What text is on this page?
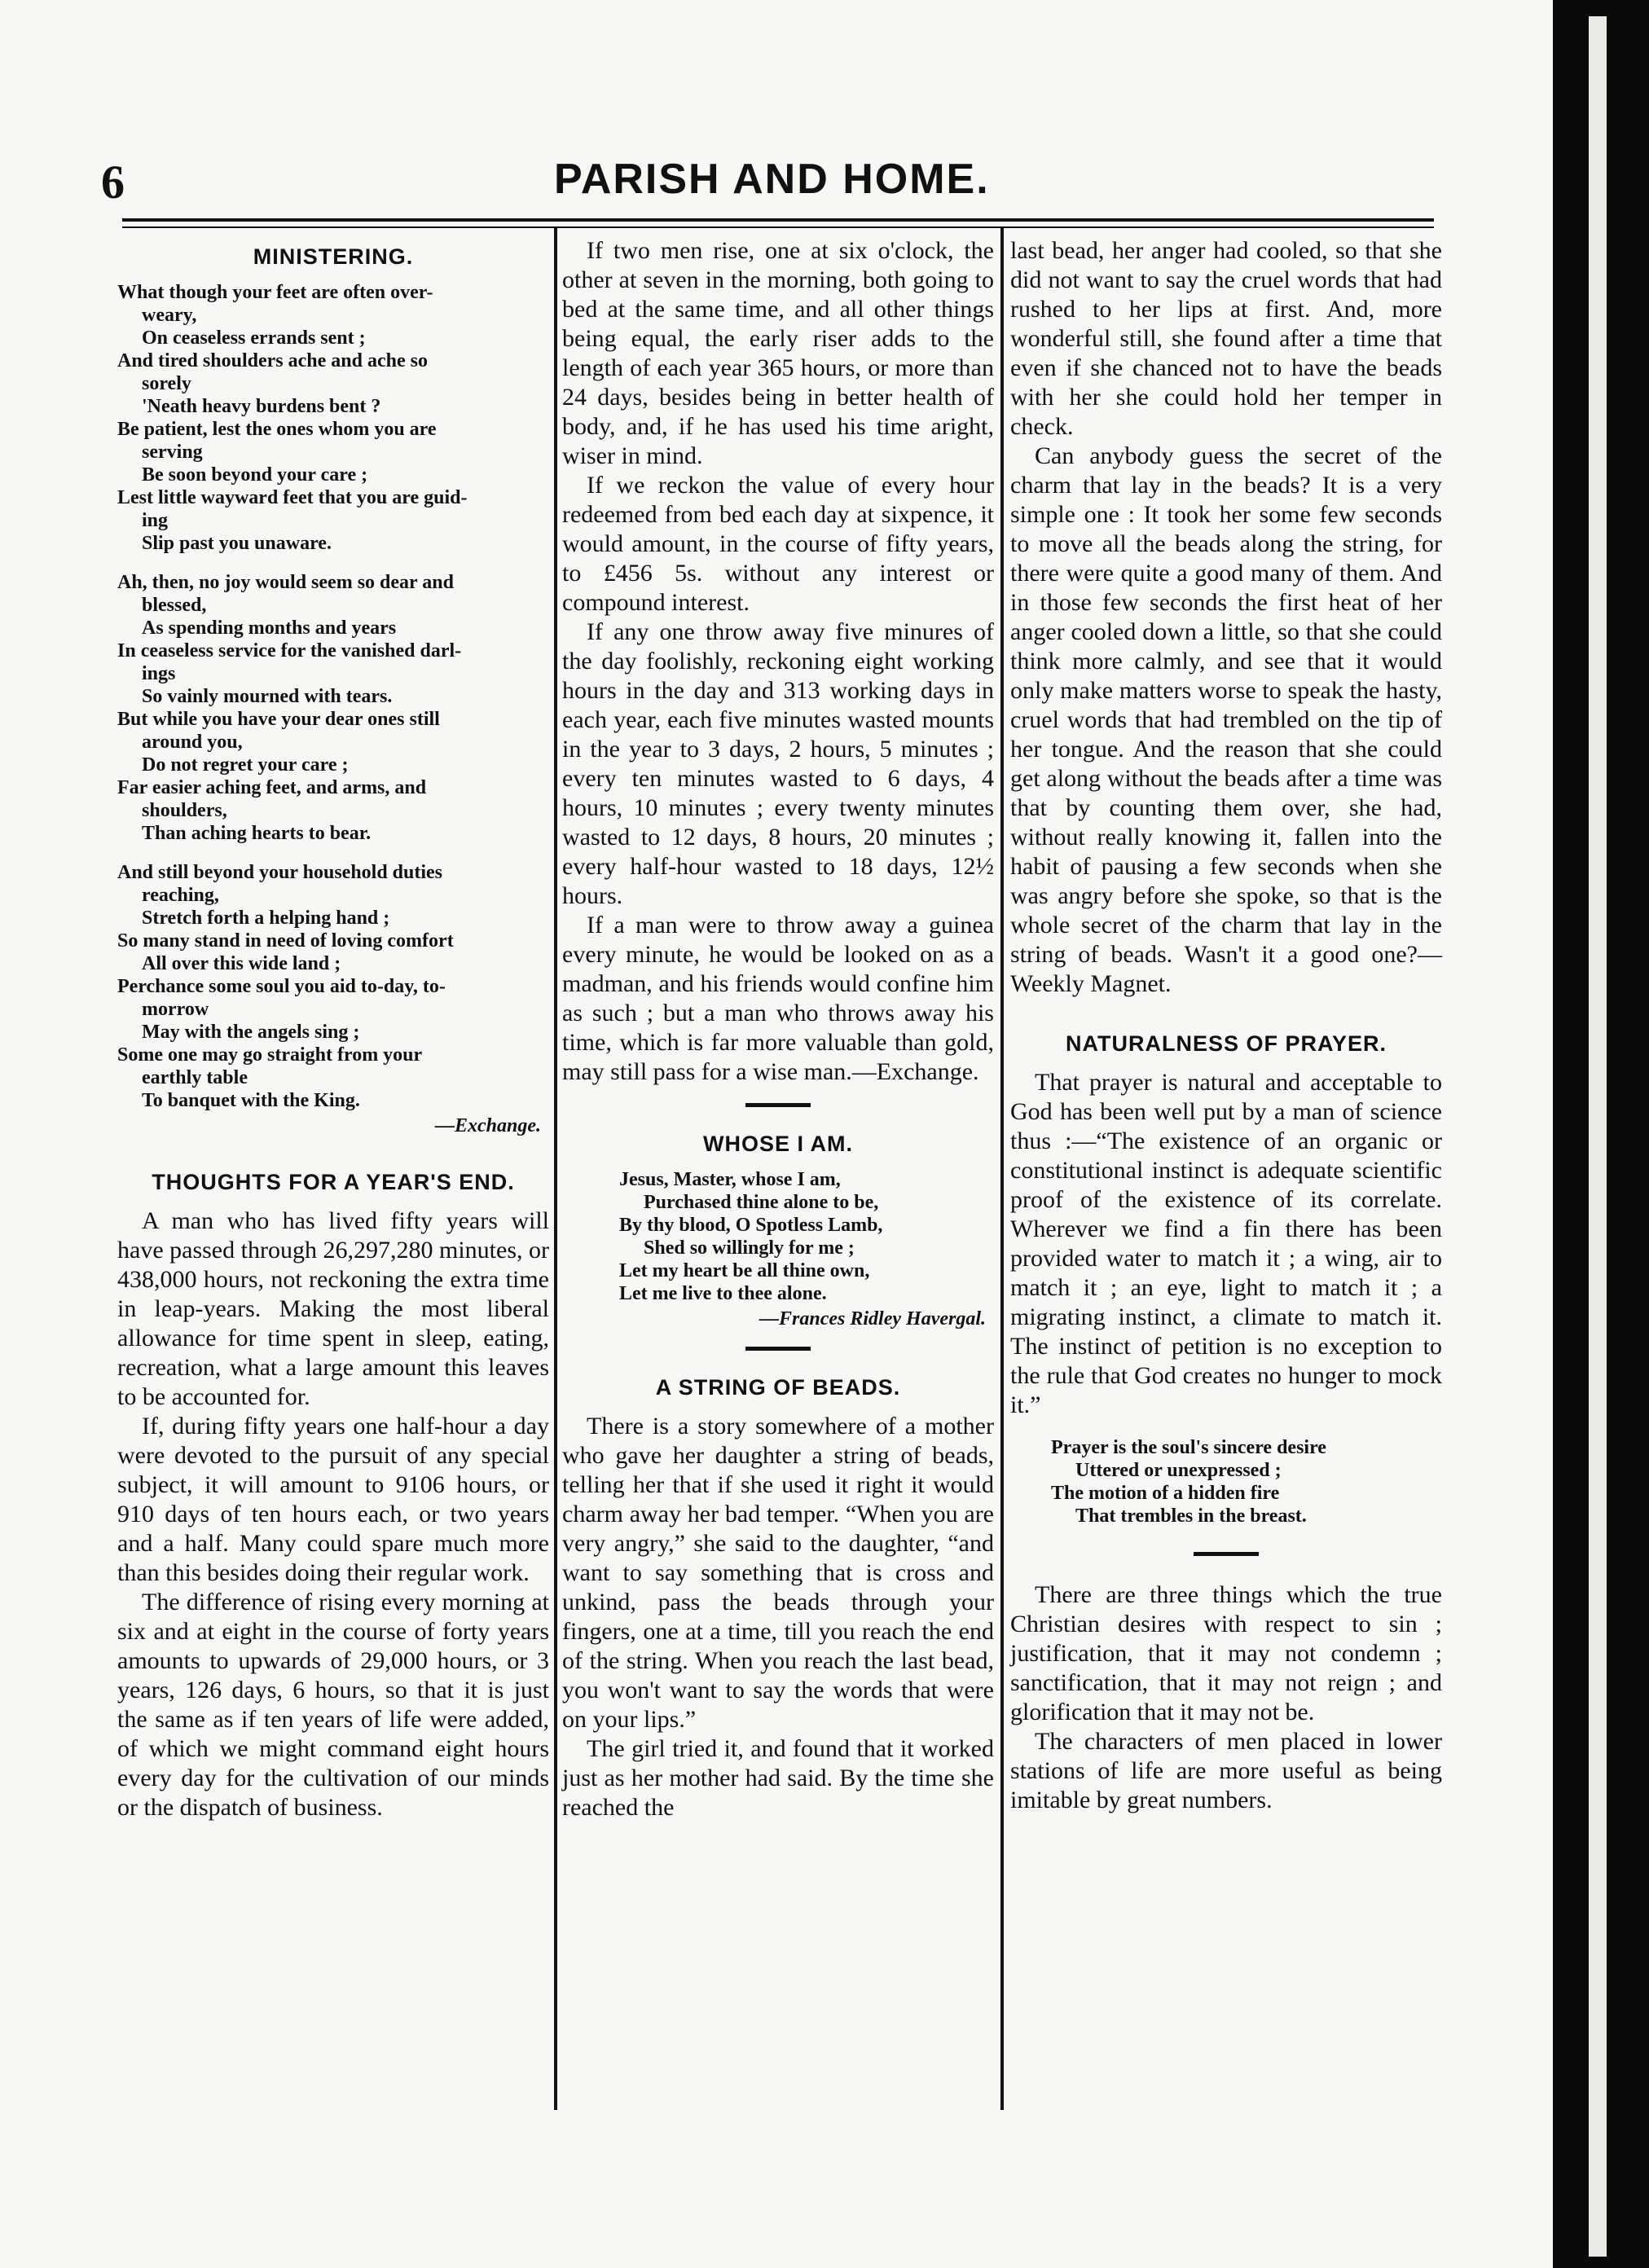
6	PARISH AND HOME.
MINISTERING.
What though your feet are often over-
weary,
On ceaseless errands sent ;
And tired shoulders ache and ache so
sorely
'Neath heavy burdens bent ?
Be patient, lest the ones whom you are
serving
Be soon beyond your care ;
Lest little wayward feet that you are guid-
ing
Slip past you unaware.
Ah, then, no joy would seem so dear and
blessed,
As spending months and years
In ceaseless service for the vanished darl-
ings
So vainly mourned with tears.
But while you have your dear ones still
around you,
Do not regret your care ;
Far easier aching feet, and arms, and
shoulders,
Than aching hearts to bear.
And still beyond your household duties
reaching,
Stretch forth a helping hand ;
So many stand in need of loving comfort
All over this wide land ;
Perchance some soul you aid to-day, to-
morrow
May with the angels sing ;
Some one may go straight from your
earthly table
To banquet with the King.
—Exchange.
THOUGHTS FOR A YEAR'S END.

A man who has lived fifty years will have passed through 26,297,280 minutes, or 438,000 hours, not reckoning the extra time in leap-years. Making the most liberal allowance for time spent in sleep, eating, recreation, what a large amount this leaves to be accounted for.

If, during fifty years one half-hour a day were devoted to the pursuit of any special subject, it will amount to 9106 hours, or 910 days of ten hours each, or two years and a half. Many could spare much more than this besides doing their regular work.

The difference of rising every morning at six and at eight in the course of forty years amounts to upwards of 29,000 hours, or 3 years, 126 days, 6 hours, so that it is just the same as if ten years of life were added, of which we might command eight hours every day for the cultivation of our minds or the dispatch of business.

If two men rise, one at six o'clock, the other at seven in the morning, both going to bed at the same time, and all other things being equal, the early riser adds to the length of each year 365 hours, or more than 24 days, besides being in better health of body, and, if he has used his time aright, wiser in mind.

If we reckon the value of every hour redeemed from bed each day at sixpence, it would amount, in the course of fifty years, to £456 5s. without any interest or compound interest.

If any one throw away five minures of the day foolishly, reckoning eight working hours in the day and 313 working days in each year, each five minutes wasted mounts in the year to 3 days, 2 hours, 5 minutes ; every ten minutes wasted to 6 days, 4 hours, 10 minutes ; every twenty minutes wasted to 12 days, 8 hours, 20 minutes ; every half-hour wasted to 18 days, 12½ hours.

If a man were to throw away a guinea every minute, he would be looked on as a madman, and his friends would confine him as such ; but a man who throws away his time, which is far more valuable than gold, may still pass for a wise man.—Exchange.

WHOSE I AM.
Jesus, Master, whose I am,
Purchased thine alone to be,
By thy blood, O Spotless Lamb,
Shed so willingly for me ;
Let my heart be all thine own,
Let me live to thee alone.
—Frances Ridley Havergal.
A STRING OF BEADS.

There is a story somewhere of a mother who gave her daughter a string of beads, telling her that if she used it right it would charm away her bad temper. “When you are very angry,” she said to the daughter, “and want to say something that is cross and unkind, pass the beads through your fingers, one at a time, till you reach the end of the string. When you reach the last bead, you won't want to say the words that were on your lips.”

The girl tried it, and found that it worked just as her mother had said. By the time she reached the

last bead, her anger had cooled, so that she did not want to say the cruel words that had rushed to her lips at first. And, more wonderful still, she found after a time that even if she chanced not to have the beads with her she could hold her temper in check.

Can anybody guess the secret of the charm that lay in the beads? It is a very simple one : It took her some few seconds to move all the beads along the string, for there were quite a good many of them. And in those few seconds the first heat of her anger cooled down a little, so that she could think more calmly, and see that it would only make matters worse to speak the hasty, cruel words that had trembled on the tip of her tongue. And the reason that she could get along without the beads after a time was that by counting them over, she had, without really knowing it, fallen into the habit of pausing a few seconds when she was angry before she spoke, so that is the whole secret of the charm that lay in the string of beads. Wasn't it a good one?— Weekly Magnet.

NATURALNESS OF PRAYER.

That prayer is natural and acceptable to God has been well put by a man of science thus :—“The existence of an organic or constitutional instinct is adequate scientific proof of the existence of its correlate. Wherever we find a fin there has been provided water to match it ; a wing, air to match it ; an eye, light to match it ; a migrating instinct, a climate to match it. The instinct of petition is no exception to the rule that God creates no hunger to mock it.”

Prayer is the soul's sincere desire
Uttered or unexpressed ;
The motion of a hidden fire
That trembles in the breast.

There are three things which the true Christian desires with respect to sin ; justification, that it may not condemn ; sanctification, that it may not reign ; and glorification that it may not be.

The characters of men placed in lower stations of life are more useful as being imitable by great numbers.
